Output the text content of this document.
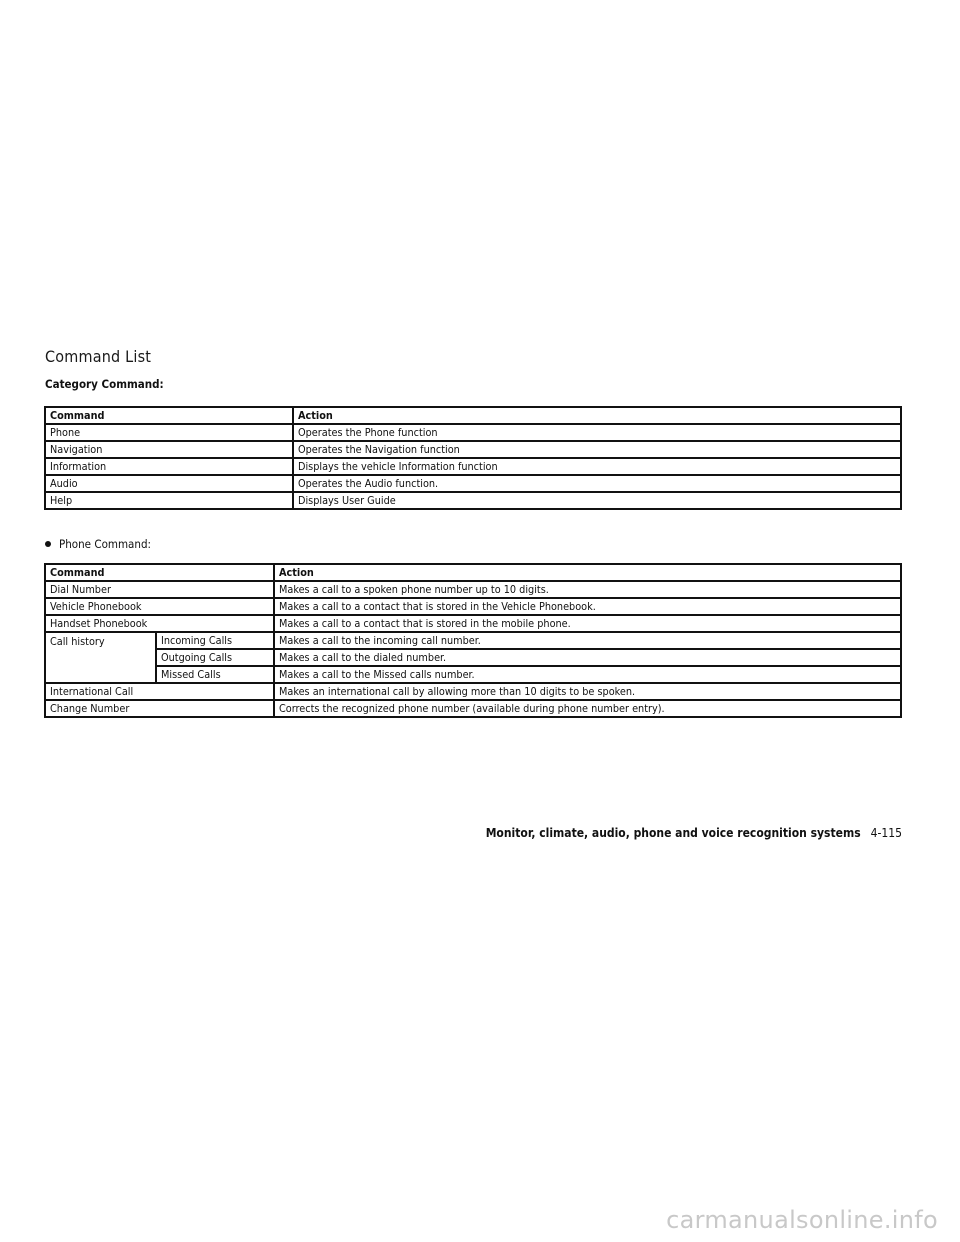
Command List
Category Command:
Command	Action
Phone	Operates the Phone function
Navigation	Operates the Navigation function
Information	Displays the vehicle Information function
Audio	Operates the Audio function.
Help	Displays User Guide
Phone Command:
Command		Action
Dial Number		Makes a call to a spoken phone number up to 10 digits.
Vehicle Phonebook		Makes a call to a contact that is stored in the Vehicle Phonebook.
Handset Phonebook		Makes a call to a contact that is stored in the mobile phone.
Call history	Incoming Calls	Makes a call to the incoming call number.
	Outgoing Calls	Makes a call to the dialed number.
	Missed Calls	Makes a call to the Missed calls number.
International Call		Makes an international call by allowing more than 10 digits to be spoken.
Change Number		Corrects the recognized phone number (available during phone number entry).
Monitor, climate, audio, phone and voice recognition systems 4-115
carmanualsonline.info
